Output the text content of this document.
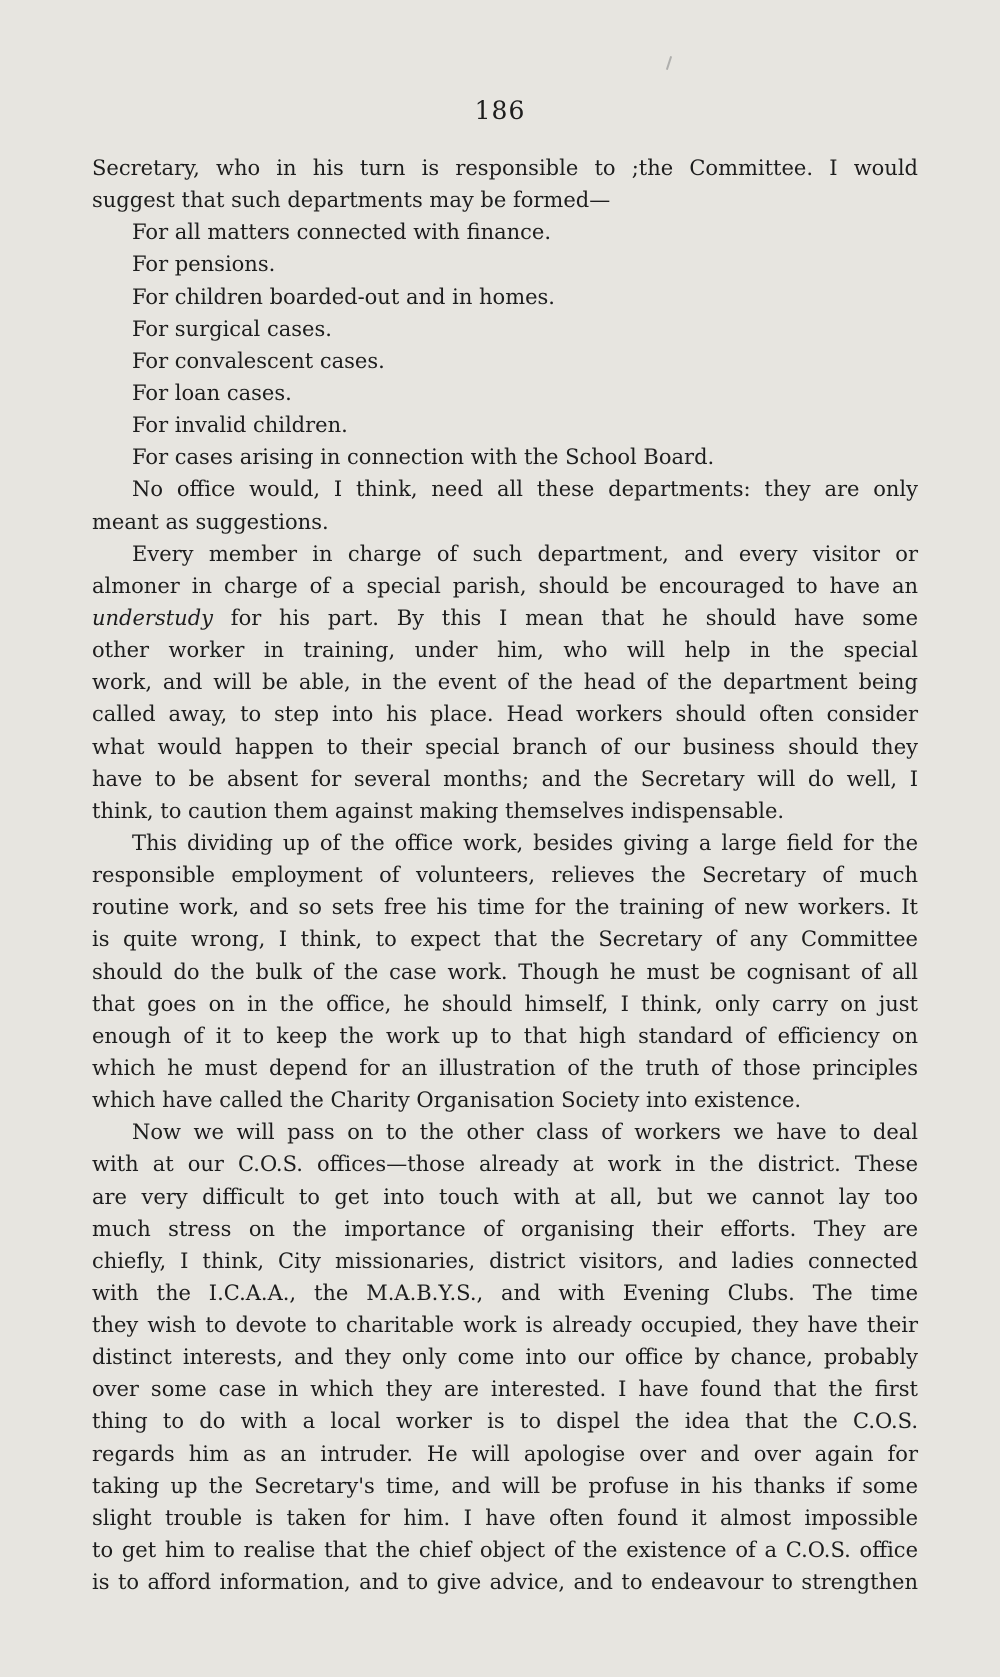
186
Secretary, who in his turn is responsible to ;the Committee. I would
suggest that such departments may be formed—
For all matters connected with finance.
For pensions.
For children boarded-out and in homes.
For surgical cases.
For convalescent cases.
For loan cases.
For invalid children.
For cases arising in connection with the School Board.
No office would, I think, need all these departments: they are only
meant as suggestions.
Every member in charge of such department, and every visitor or
almoner in charge of a special parish, should be encouraged to have an
understudy for his part. By this I mean that he should have some
other worker in training, under him, who will help in the special
work, and will be able, in the event of the head of the department being
called away, to step into his place. Head workers should often consider
what would happen to their special branch of our business should they
have to be absent for several months; and the Secretary will do well, I
think, to caution them against making themselves indispensable.
This dividing up of the office work, besides giving a large field for the
responsible employment of volunteers, relieves the Secretary of much
routine work, and so sets free his time for the training of new workers. It
is quite wrong, I think, to expect that the Secretary of any Committee
should do the bulk of the case work. Though he must be cognisant of all
that goes on in the office, he should himself, I think, only carry on just
enough of it to keep the work up to that high standard of efficiency on
which he must depend for an illustration of the truth of those principles
which have called the Charity Organisation Society into existence.
Now we will pass on to the other class of workers we have to deal
with at our C.O.S. offices—those already at work in the district. These
are very difficult to get into touch with at all, but we cannot lay too
much stress on the importance of organising their efforts. They are
chiefly, I think, City missionaries, district visitors, and ladies connected
with the I.C.A.A., the M.A.B.Y.S., and with Evening Clubs. The time
they wish to devote to charitable work is already occupied, they have their
distinct interests, and they only come into our office by chance, probably
over some case in which they are interested. I have found that the first
thing to do with a local worker is to dispel the idea that the C.O.S.
regards him as an intruder. He will apologise over and over again for
taking up the Secretary's time, and will be profuse in his thanks if some
slight trouble is taken for him. I have often found it almost impossible
to get him to realise that the chief object of the existence of a C.O.S. office
is to afford information, and to give advice, and to endeavour to strengthen
